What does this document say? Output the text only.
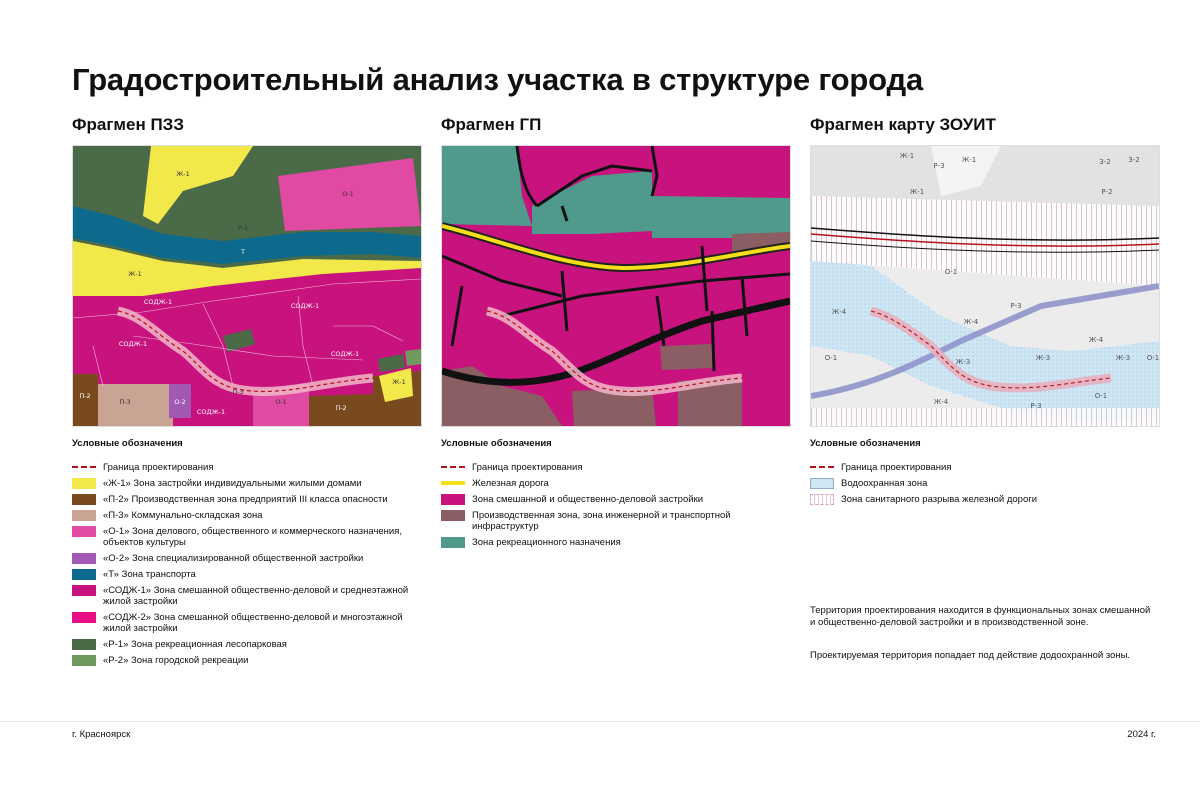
Градостроительный анализ участка в структуре города
Фрагмен ПЗЗ
Ж-1
О-1
Р-1
Т
Ж-1
СОДЖ-1	СОДЖ-1
СОДЖ-1
СОДЖ-1
П-3
П-2
О-1
СОДЖ-1	П-2
Ж-1
П-3
О-2
Условные обозначения
Граница проектирования
«Ж-1» Зона застройки индивидуальными жилыми домами
«П-2» Производственная зона предприятий III класса опасности
«П-3» Коммунально-складская зона
«О-1» Зона делового, общественного и коммерческого назначения, объектов культуры
«О-2» Зона специализированной общественной застройки
«Т» Зона транспорта
«СОДЖ-1» Зона смешанной общественно-деловой и среднеэтажной жилой застройки
«СОДЖ-2» Зона смешанной общественно-деловой и многоэтажной жилой застройки
«Р-1» Зона рекреационная лесопарковая
«Р-2» Зона городской рекреации
Фрагмен ГП
Условные обозначения
Граница проектирования
Железная дорога
Зона смешанной и общественно-деловой застройки
Производственная зона, зона инженерной и транспортной инфраструктур
Зона рекреационного назначения
Фрагмен карту ЗОУИТ
Ж-1
Р-3
Ж-1	З-2	З-2
Ж-1	Р-2
О-1
Р-3
Ж-4
О-1
Ж-4
Ж-3
Ж-4
Ж-3 О-1
Ж-4	Р-3
О-1
Ж-3
Условные обозначения
Граница проектирования
Водоохранная зона
Зона санитарного разрыва железной дороги

Территория проектирования находится в функциональных зонах смешанной и общественно-деловой застройки и в производственной зоне.

Проектируемая территория попадает под действие додоохранной зоны.

г. Красноярск	2024 г.
